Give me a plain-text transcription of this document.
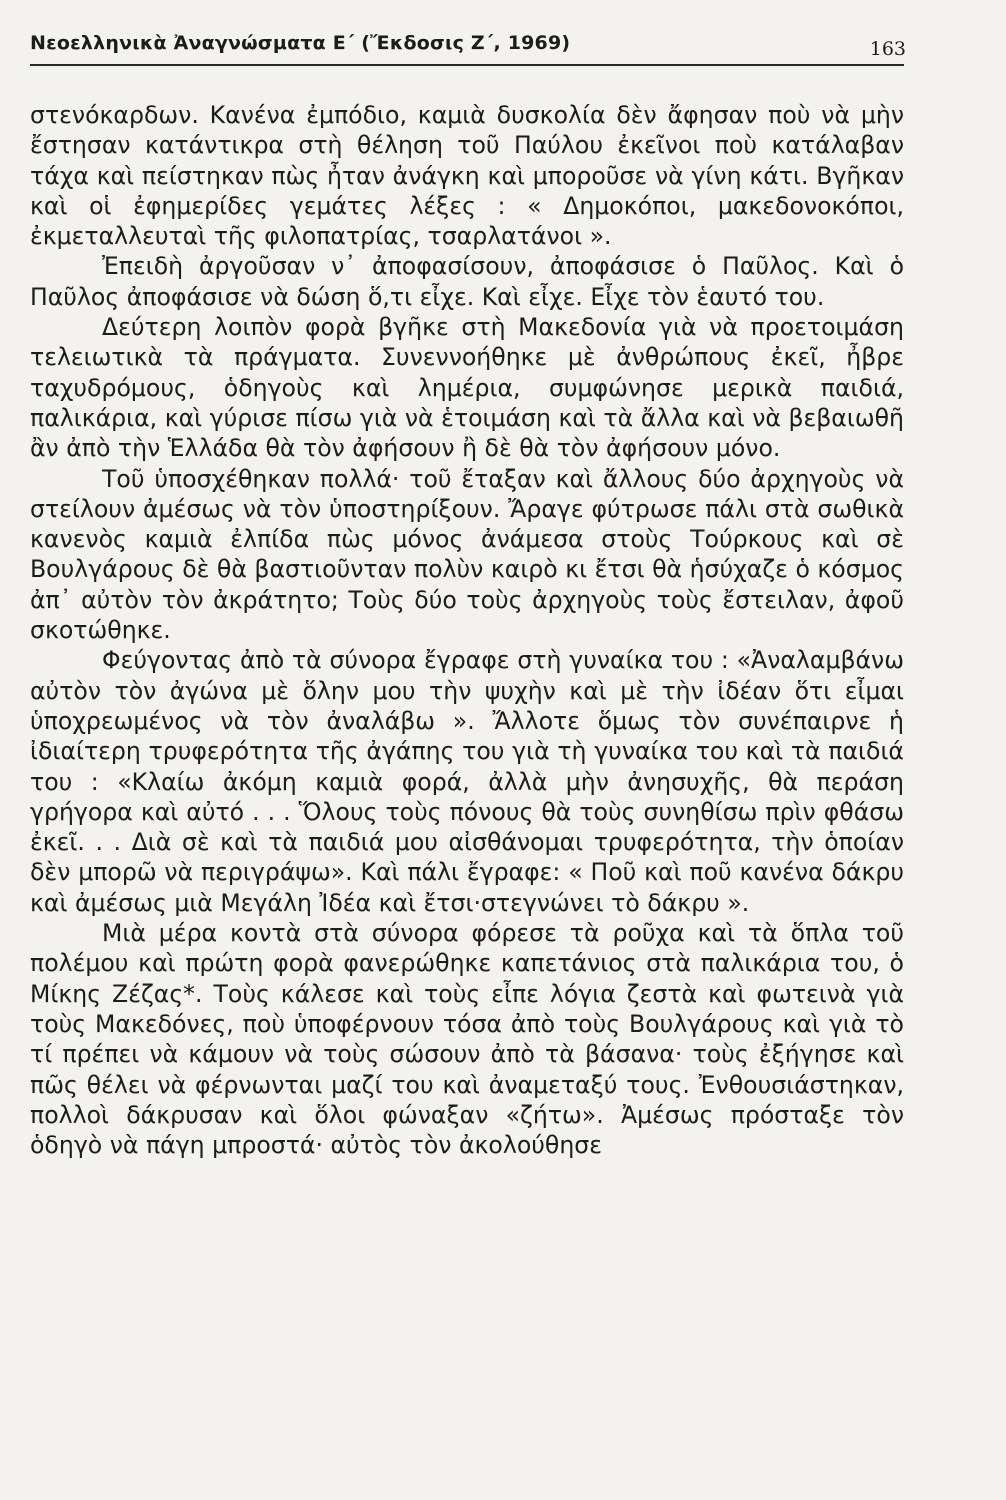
Νεοελληνικὰ Ἀναγνώσματα Ε΄ (Ἔκδοσις Ζ΄, 1969)	163

στενόκαρδων. Κανένα ἐμπόδιο, καμιὰ δυσκολία δὲν ἄφησαν ποὺ νὰ μὴν ἔστησαν κατάντικρα στὴ θέληση τοῦ Παύλου ἐκεῖνοι ποὺ κατάλαβαν τάχα καὶ πείστηκαν πὼς ἦταν ἀνάγκη καὶ μποροῦσε νὰ γίνη κάτι. Βγῆκαν καὶ οἱ ἐφημερίδες γεμάτες λέξες : « Δημοκόποι, μακεδονοκόποι, ἐκμεταλλευταὶ τῆς φιλοπατρίας, τσαρλατάνοι ».

Ἐπειδὴ ἀργοῦσαν ν᾽ ἀποφασίσουν, ἀποφάσισε ὁ Παῦλος. Καὶ ὁ Παῦλος ἀποφάσισε νὰ δώση ὅ,τι εἶχε. Καὶ εἶχε. Εἶχε τὸν ἑαυτό του.

Δεύτερη λοιπὸν φορὰ βγῆκε στὴ Μακεδονία γιὰ νὰ προετοιμάση τελειωτικὰ τὰ πράγματα. Συνεννοήθηκε μὲ ἀνθρώπους ἐκεῖ, ἦβρε ταχυδρόμους, ὁδηγοὺς καὶ λημέρια, συμφώνησε μερικὰ παιδιά, παλικάρια, καὶ γύρισε πίσω γιὰ νὰ ἑτοιμάση καὶ τὰ ἄλλα καὶ νὰ βεβαιωθῆ ἂν ἀπὸ τὴν Ἑλλάδα θὰ τὸν ἀφήσουν ἢ δὲ θὰ τὸν ἀφήσουν μόνο.

Τοῦ ὑποσχέθηκαν πολλά· τοῦ ἔταξαν καὶ ἄλλους δύο ἀρχηγοὺς νὰ στείλουν ἀμέσως νὰ τὸν ὑποστηρίξουν. Ἄραγε φύτρωσε πάλι στὰ σωθικὰ κανενὸς καμιὰ ἐλπίδα πὼς μόνος ἀνάμεσα στοὺς Τούρκους καὶ σὲ Βουλγάρους δὲ θὰ βαστιοῦνταν πολὺν καιρὸ κι ἔτσι θὰ ἡσύχαζε ὁ κόσμος ἀπ᾽ αὐτὸν τὸν ἀκράτητο; Τοὺς δύο τοὺς ἀρχηγοὺς τοὺς ἔστειλαν, ἀφοῦ σκοτώθηκε.

Φεύγοντας ἀπὸ τὰ σύνορα ἔγραφε στὴ γυναίκα του : «Ἀναλαμβάνω αὐτὸν τὸν ἀγώνα μὲ ὅλην μου τὴν ψυχὴν καὶ μὲ τὴν ἰδέαν ὅτι εἶμαι ὑποχρεωμένος νὰ τὸν ἀναλάβω ». Ἄλλοτε ὅμως τὸν συνέπαιρνε ἡ ἰδιαίτερη τρυφερότητα τῆς ἀγάπης του γιὰ τὴ γυναίκα του καὶ τὰ παιδιά του : «Κλαίω ἀκόμη καμιὰ φορά, ἀλλὰ μὴν ἀνησυχῆς, θὰ περάση γρήγορα καὶ αὐτό . . . Ὅλους τοὺς πόνους θὰ τοὺς συνηθίσω πρὶν φθάσω ἐκεῖ. . . Διὰ σὲ καὶ τὰ παιδιά μου αἰσθάνομαι τρυφερότητα, τὴν ὁποίαν δὲν μπορῶ νὰ περιγράψω». Καὶ πάλι ἔγραφε: « Ποῦ καὶ ποῦ κανένα δάκρυ καὶ ἀμέσως μιὰ Μεγάλη Ἰδέα καὶ ἔτσι·στεγνώνει τὸ δάκρυ ».

Μιὰ μέρα κοντὰ στὰ σύνορα φόρεσε τὰ ροῦχα καὶ τὰ ὅπλα τοῦ πολέμου καὶ πρώτη φορὰ φανερώθηκε καπετάνιος στὰ παλικάρια του, ὁ Μίκης Ζέζας*. Τοὺς κάλεσε καὶ τοὺς εἶπε λόγια ζεστὰ καὶ φωτεινὰ γιὰ τοὺς Μακεδόνες, ποὺ ὑποφέρνουν τόσα ἀπὸ τοὺς Βουλγάρους καὶ γιὰ τὸ τί πρέπει νὰ κάμουν νὰ τοὺς σώσουν ἀπὸ τὰ βάσανα· τοὺς ἐξήγησε καὶ πῶς θέλει νὰ φέρνωνται μαζί του καὶ ἀναμεταξύ τους. Ἐνθουσιάστηκαν, πολλοὶ δάκρυσαν καὶ ὅλοι φώναξαν «ζήτω». Ἀμέσως πρόσταξε τὸν ὁδηγὸ νὰ πάγη μπροστά· αὐτὸς τὸν ἀκολούθησε
